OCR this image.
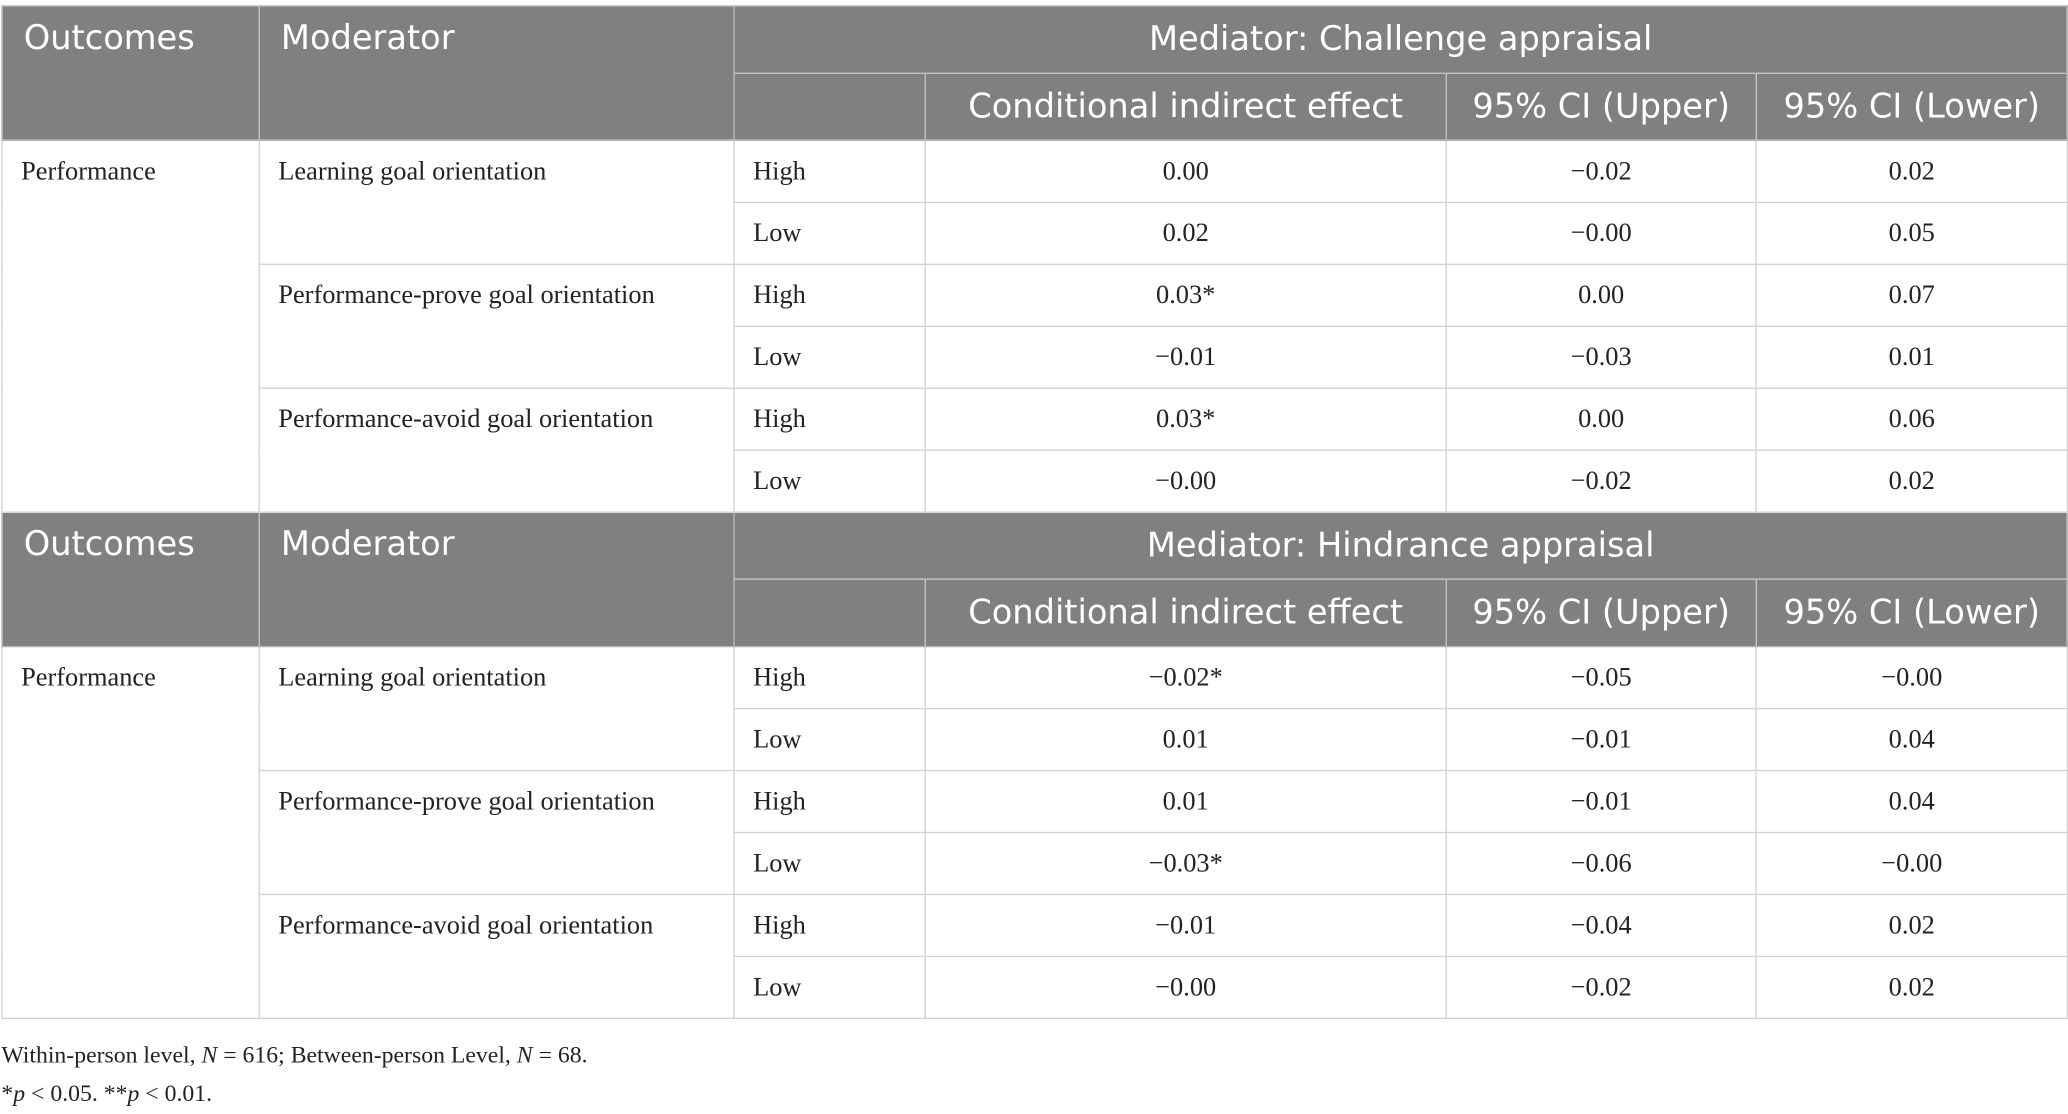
Outcomes	Moderator	Mediator: Challenge appraisal			
			Conditional indirect effect	95% CI (Upper)	95% CI (Lower)
Performance	Learning goal orientation	High	0.00	−0.02	0.02
		Low	0.02	−0.00	0.05
	Performance-prove goal orientation	High	0.03*	0.00	0.07
		Low	−0.01	−0.03	0.01
	Performance-avoid goal orientation	High	0.03*	0.00	0.06
		Low	−0.00	−0.02	0.02
Outcomes	Moderator	Mediator: Hindrance appraisal			
			Conditional indirect effect	95% CI (Upper)	95% CI (Lower)
Performance	Learning goal orientation	High	−0.02*	−0.05	−0.00
		Low	0.01	−0.01	0.04
	Performance-prove goal orientation	High	0.01	−0.01	0.04
		Low	−0.03*	−0.06	−0.00
	Performance-avoid goal orientation	High	−0.01	−0.04	0.02
		Low	−0.00	−0.02	0.02

Within-person level, N = 616; Between-person Level, N = 68.

*p < 0.05. **p < 0.01.
